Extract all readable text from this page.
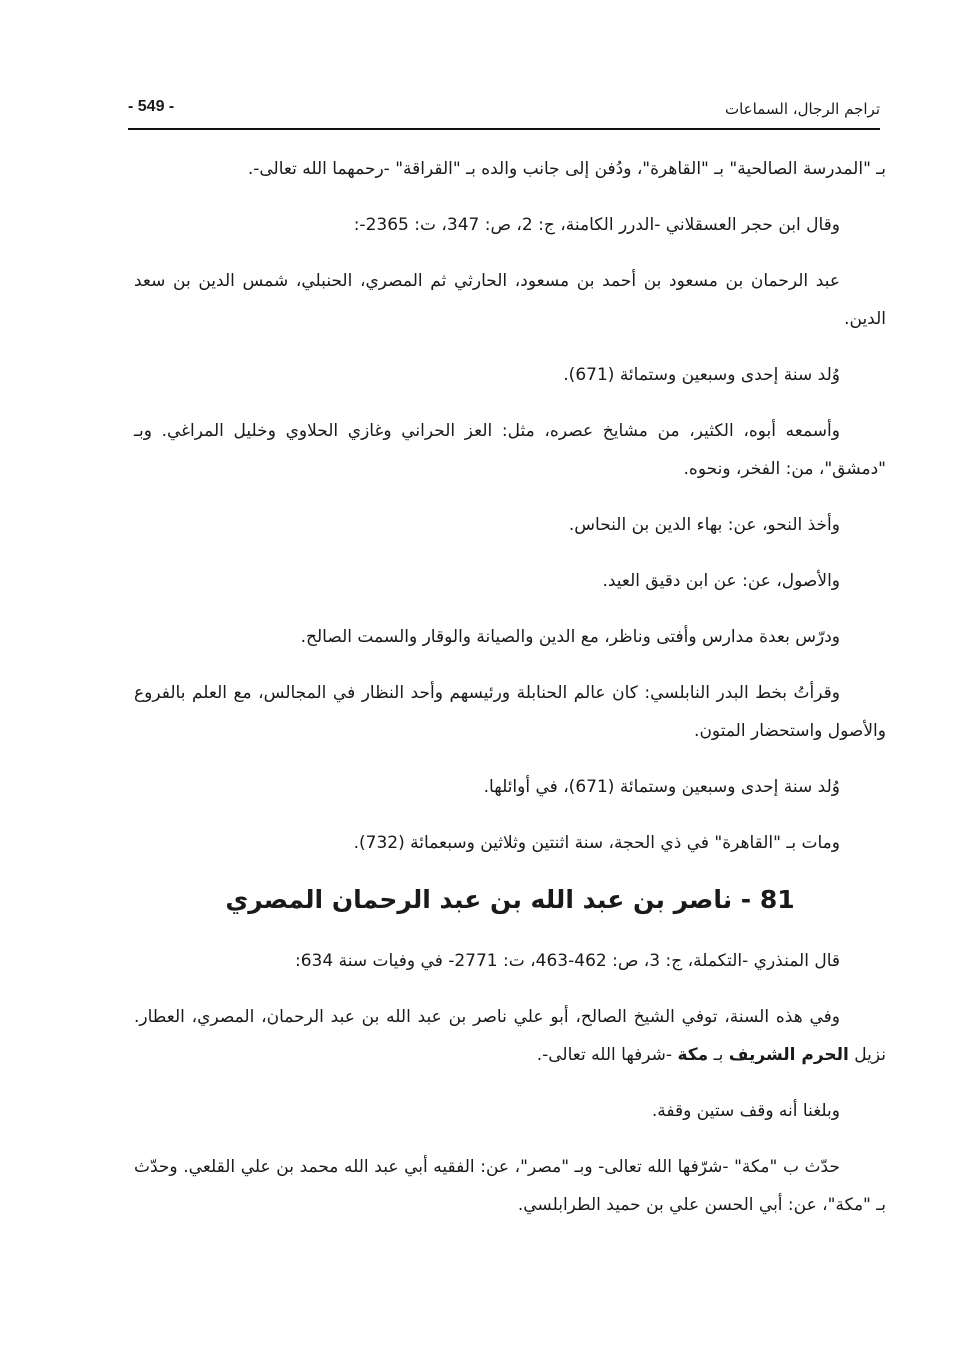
تراجم الرجال، السماعات
- 549 -

بـ "المدرسة الصالحية" بـ "القاهرة"، ودُفن إلى جانب والده بـ "القراقة" -رحمهما الله تعالى-.

وقال ابن حجر العسقلاني -الدرر الكامنة، ج: 2، ص: 347، ت: 2365-:

عبد الرحمان بن مسعود بن أحمد بن مسعود، الحارثي ثم المصري، الحنبلي، شمس الدين بن سعد الدين.

وُلد سنة إحدى وسبعين وستمائة (671).

وأسمعه أبوه، الكثير، من مشايخ عصره، مثل: العز الحراني وغازي الحلاوي وخليل المراغي. وبـ "دمشق"، من: الفخر، ونحوه.

وأخذ النحو، عن: بهاء الدين بن النحاس.

والأصول، عن: عن ابن دقيق العيد.

ودرّس بعدة مدارس وأفتى وناظر، مع الدين والصيانة والوقار والسمت الصالح.

وقرأتُ بخط البدر النابلسي: كان عالم الحنابلة ورئيسهم وأحد النظار في المجالس، مع العلم بالفروع والأصول واستحضار المتون.

وُلد سنة إحدى وسبعين وستمائة (671)، في أوائلها.

ومات بـ "القاهرة" في ذي الحجة، سنة اثنتين وثلاثين وسبعمائة (732).

81 - ناصر بن عبد الله بن عبد الرحمان المصري

قال المنذري -التكملة، ج: 3، ص: 462-463، ت: 2771- في وفيات سنة 634:

وفي هذه السنة، توفي الشيخ الصالح، أبو علي ناصر بن عبد الله بن عبد الرحمان، المصري، العطار. نزيل الحرم الشريف بـ مكة -شرفها الله تعالى-.

وبلغنا أنه وقف ستين وقفة.

حدّث ب "مكة" -شرّفها الله تعالى- وبـ "مصر"، عن: الفقيه أبي عبد الله محمد بن علي القلعي. وحدّث بـ "مكة"، عن: أبي الحسن علي بن حميد الطرابلسي.
